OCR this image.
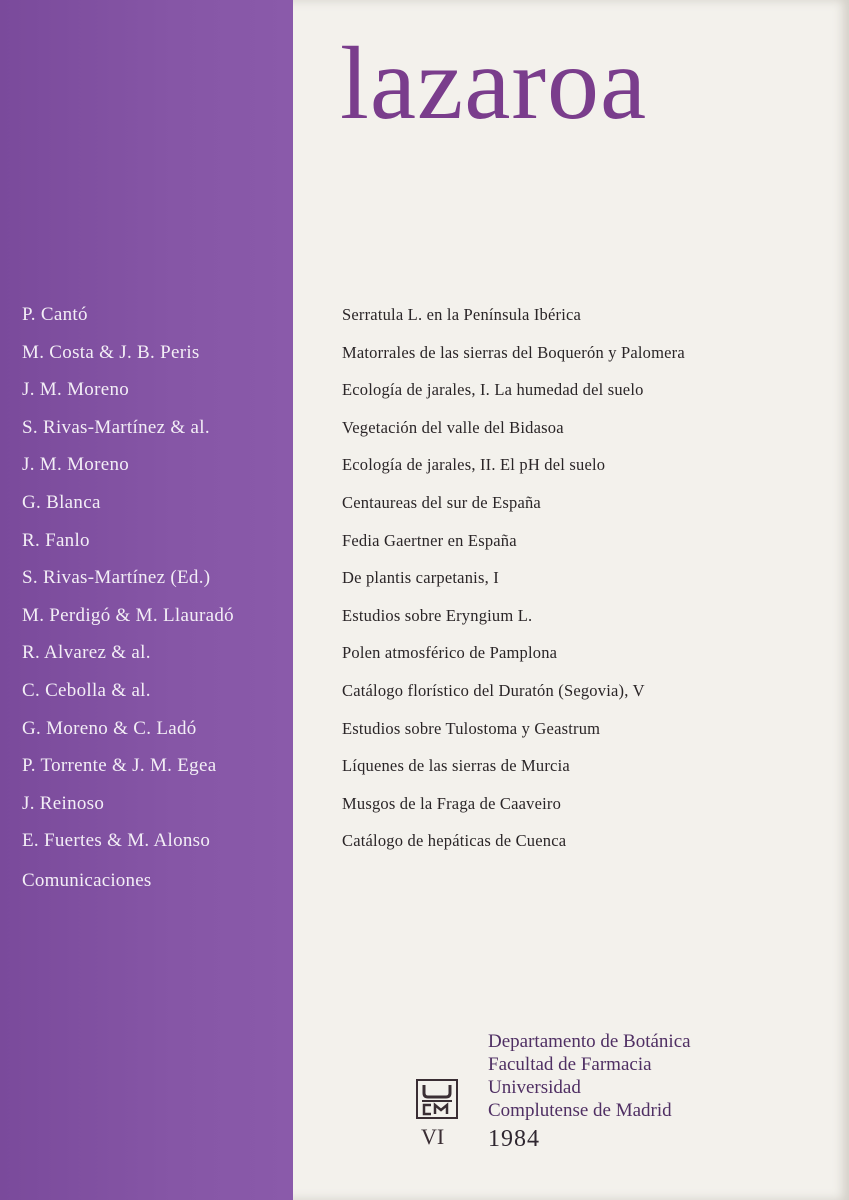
lazaroa
P. Cantó	Serratula L. en la Península Ibérica
M. Costa & J. B. Peris	Matorrales de las sierras del Boquerón y Palomera
J. M. Moreno	Ecología de jarales, I. La humedad del suelo
S. Rivas-Martínez & al.	Vegetación del valle del Bidasoa
J. M. Moreno	Ecología de jarales, II. El pH del suelo
G. Blanca	Centaureas del sur de España
R. Fanlo	Fedia Gaertner en España
S. Rivas-Martínez (Ed.)	De plantis carpetanis, I
M. Perdigó & M. Llauradó	Estudios sobre Eryngium L.
R. Alvarez & al.	Polen atmosférico de Pamplona
C. Cebolla & al.	Catálogo florístico del Duratón (Segovia), V
G. Moreno & C. Ladó	Estudios sobre Tulostoma y Geastrum
P. Torrente & J. M. Egea	Líquenes de las sierras de Murcia
J. Reinoso	Musgos de la Fraga de Caaveiro
E. Fuertes & M. Alonso	Catálogo de hepáticas de Cuenca
Comunicaciones
VI
Departamento de Botánica
Facultad de Farmacia
Universidad
Complutense de Madrid
1984
